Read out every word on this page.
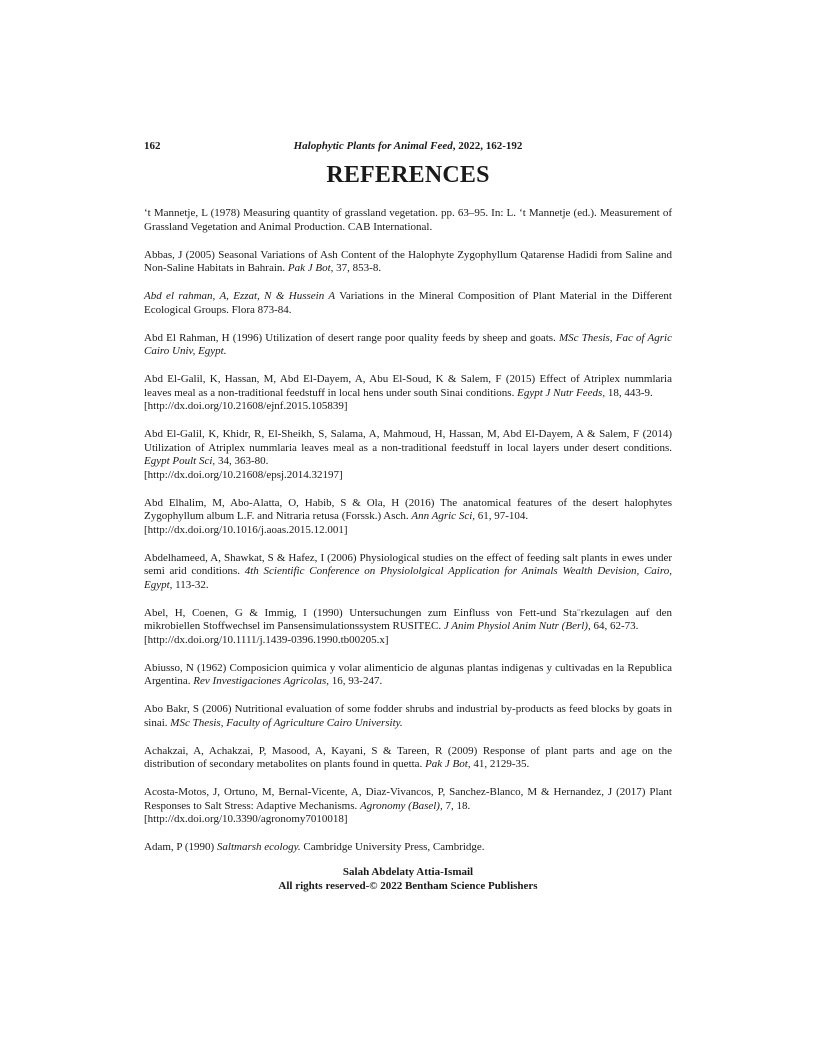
162	Halophytic Plants for Animal Feed, 2022, 162-192
REFERENCES

‘t Mannetje, L (1978) Measuring quantity of grassland vegetation. pp. 63–95. In: L. ‘t Mannetje (ed.). Measurement of Grassland Vegetation and Animal Production. CAB International.

Abbas, J (2005) Seasonal Variations of Ash Content of the Halophyte Zygophyllum Qatarense Hadidi from Saline and Non-Saline Habitats in Bahrain. Pak J Bot, 37, 853-8.

Abd el rahman, A, Ezzat, N & Hussein A Variations in the Mineral Composition of Plant Material in the Different Ecological Groups. Flora 873-84.

Abd El Rahman, H (1996) Utilization of desert range poor quality feeds by sheep and goats. MSc Thesis, Fac of Agric Cairo Univ, Egypt.

Abd El-Galil, K, Hassan, M, Abd El-Dayem, A, Abu El-Soud, K & Salem, F (2015) Effect of Atriplex nummlaria leaves meal as a non-traditional feedstuff in local hens under south Sinai conditions. Egypt J Nutr Feeds, 18, 443-9.
[http://dx.doi.org/10.21608/ejnf.2015.105839]

Abd El-Galil, K, Khidr, R, El-Sheikh, S, Salama, A, Mahmoud, H, Hassan, M, Abd El-Dayem, A & Salem, F (2014) Utilization of Atriplex nummlaria leaves meal as a non-traditional feedstuff in local layers under desert conditions. Egypt Poult Sci, 34, 363-80.
[http://dx.doi.org/10.21608/epsj.2014.32197]

Abd Elhalim, M, Abo-Alatta, O, Habib, S & Ola, H (2016) The anatomical features of the desert halophytes Zygophyllum album L.F. and Nitraria retusa (Forssk.) Asch. Ann Agric Sci, 61, 97-104.
[http://dx.doi.org/10.1016/j.aoas.2015.12.001]

Abdelhameed, A, Shawkat, S & Hafez, I (2006) Physiological studies on the effect of feeding salt plants in ewes under semi arid conditions. 4th Scientific Conference on Physiololgical Application for Animals Wealth Devision, Cairo, Egypt, 113-32.

Abel, H, Coenen, G & Immig, I (1990) Untersuchungen zum Einfluss von Fett-und Sta¨rkezulagen auf den mikrobiellen Stoffwechsel im Pansensimulationssystem RUSITEC. J Anim Physiol Anim Nutr (Berl), 64, 62-73.
[http://dx.doi.org/10.1111/j.1439-0396.1990.tb00205.x]

Abiusso, N (1962) Composicion quimica y volar alimenticio de algunas plantas indigenas y cultivadas en la Republica Argentina. Rev Investigaciones Agricolas, 16, 93-247.

Abo Bakr, S (2006) Nutritional evaluation of some fodder shrubs and industrial by-products as feed blocks by goats in sinai. MSc Thesis, Faculty of Agriculture Cairo University.

Achakzai, A, Achakzai, P, Masood, A, Kayani, S & Tareen, R (2009) Response of plant parts and age on the distribution of secondary metabolites on plants found in quetta. Pak J Bot, 41, 2129-35.

Acosta-Motos, J, Ortuno, M, Bernal-Vicente, A, Diaz-Vivancos, P, Sanchez-Blanco, M & Hernandez, J (2017) Plant Responses to Salt Stress: Adaptive Mechanisms. Agronomy (Basel), 7, 18.
[http://dx.doi.org/10.3390/agronomy7010018]

Adam, P (1990) Saltmarsh ecology. Cambridge University Press, Cambridge.

Salah Abdelaty Attia-Ismail
All rights reserved-© 2022 Bentham Science Publishers
